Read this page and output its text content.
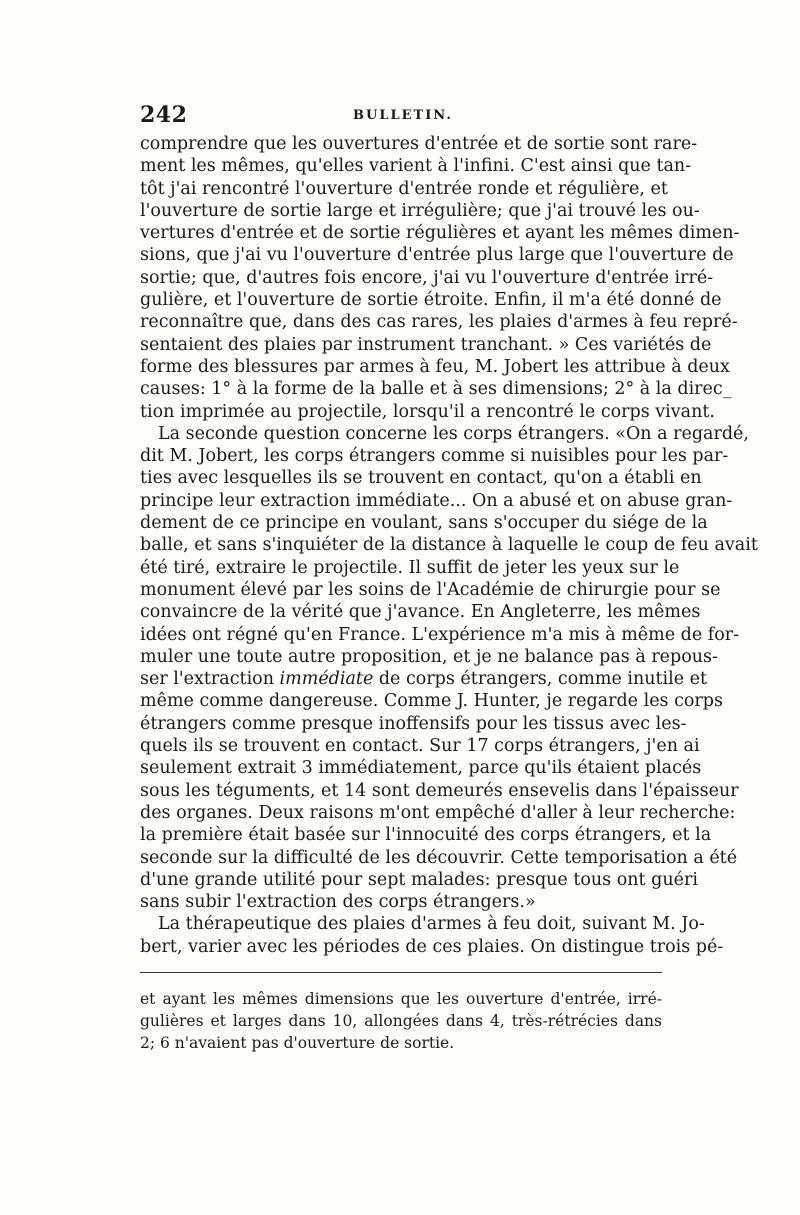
242	BULLETIN.
comprendre que les ouvertures d'entrée et de sortie sont rare-
ment les mêmes, qu'elles varient à l'infini. C'est ainsi que tan-
tôt j'ai rencontré l'ouverture d'entrée ronde et régulière, et
l'ouverture de sortie large et irrégulière; que j'ai trouvé les ou-
vertures d'entrée et de sortie régulières et ayant les mêmes dimen-
sions, que j'ai vu l'ouverture d'entrée plus large que l'ouverture de
sortie; que, d'autres fois encore, j'ai vu l'ouverture d'entrée irré-
gulière, et l'ouverture de sortie étroite. Enfin, il m'a été donné de
reconnaître que, dans des cas rares, les plaies d'armes à feu repré-
sentaient des plaies par instrument tranchant. » Ces variétés de
forme des blessures par armes à feu, M. Jobert les attribue à deux
causes: 1° à la forme de la balle et à ses dimensions; 2° à la direc_
tion imprimée au projectile, lorsqu'il a rencontré le corps vivant.
La seconde question concerne les corps étrangers. «On a regardé,
dit M. Jobert, les corps étrangers comme si nuisibles pour les par-
ties avec lesquelles ils se trouvent en contact, qu'on a établi en
principe leur extraction immédiate... On a abusé et on abuse gran-
dement de ce principe en voulant, sans s'occuper du siége de la
balle, et sans s'inquiéter de la distance à laquelle le coup de feu avait
été tiré, extraire le projectile. Il suffit de jeter les yeux sur le
monument élevé par les soins de l'Académie de chirurgie pour se
convaincre de la vérité que j'avance. En Angleterre, les mêmes
idées ont régné qu'en France. L'expérience m'a mis à même de for-
muler une toute autre proposition, et je ne balance pas à repous-
ser l'extraction immédiate de corps étrangers, comme inutile et
même comme dangereuse. Comme J. Hunter, je regarde les corps
étrangers comme presque inoffensifs pour les tissus avec les-
quels ils se trouvent en contact. Sur 17 corps étrangers, j'en ai
seulement extrait 3 immédiatement, parce qu'ils étaient placés
sous les téguments, et 14 sont demeurés ensevelis dans l'épaisseur
des organes. Deux raisons m'ont empêché d'aller à leur recherche:
la première était basée sur l'innocuité des corps étrangers, et la
seconde sur la difficulté de les découvrir. Cette temporisation a été
d'une grande utilité pour sept malades: presque tous ont guéri
sans subir l'extraction des corps étrangers.»
La thérapeutique des plaies d'armes à feu doit, suivant M. Jo-
bert, varier avec les périodes de ces plaies. On distingue trois pé-
et ayant les mêmes dimensions que les ouverture d'entrée, irré-
gulières et larges dans 10, allongées dans 4, très-rétrécies dans
2; 6 n'avaient pas d'ouverture de sortie.
